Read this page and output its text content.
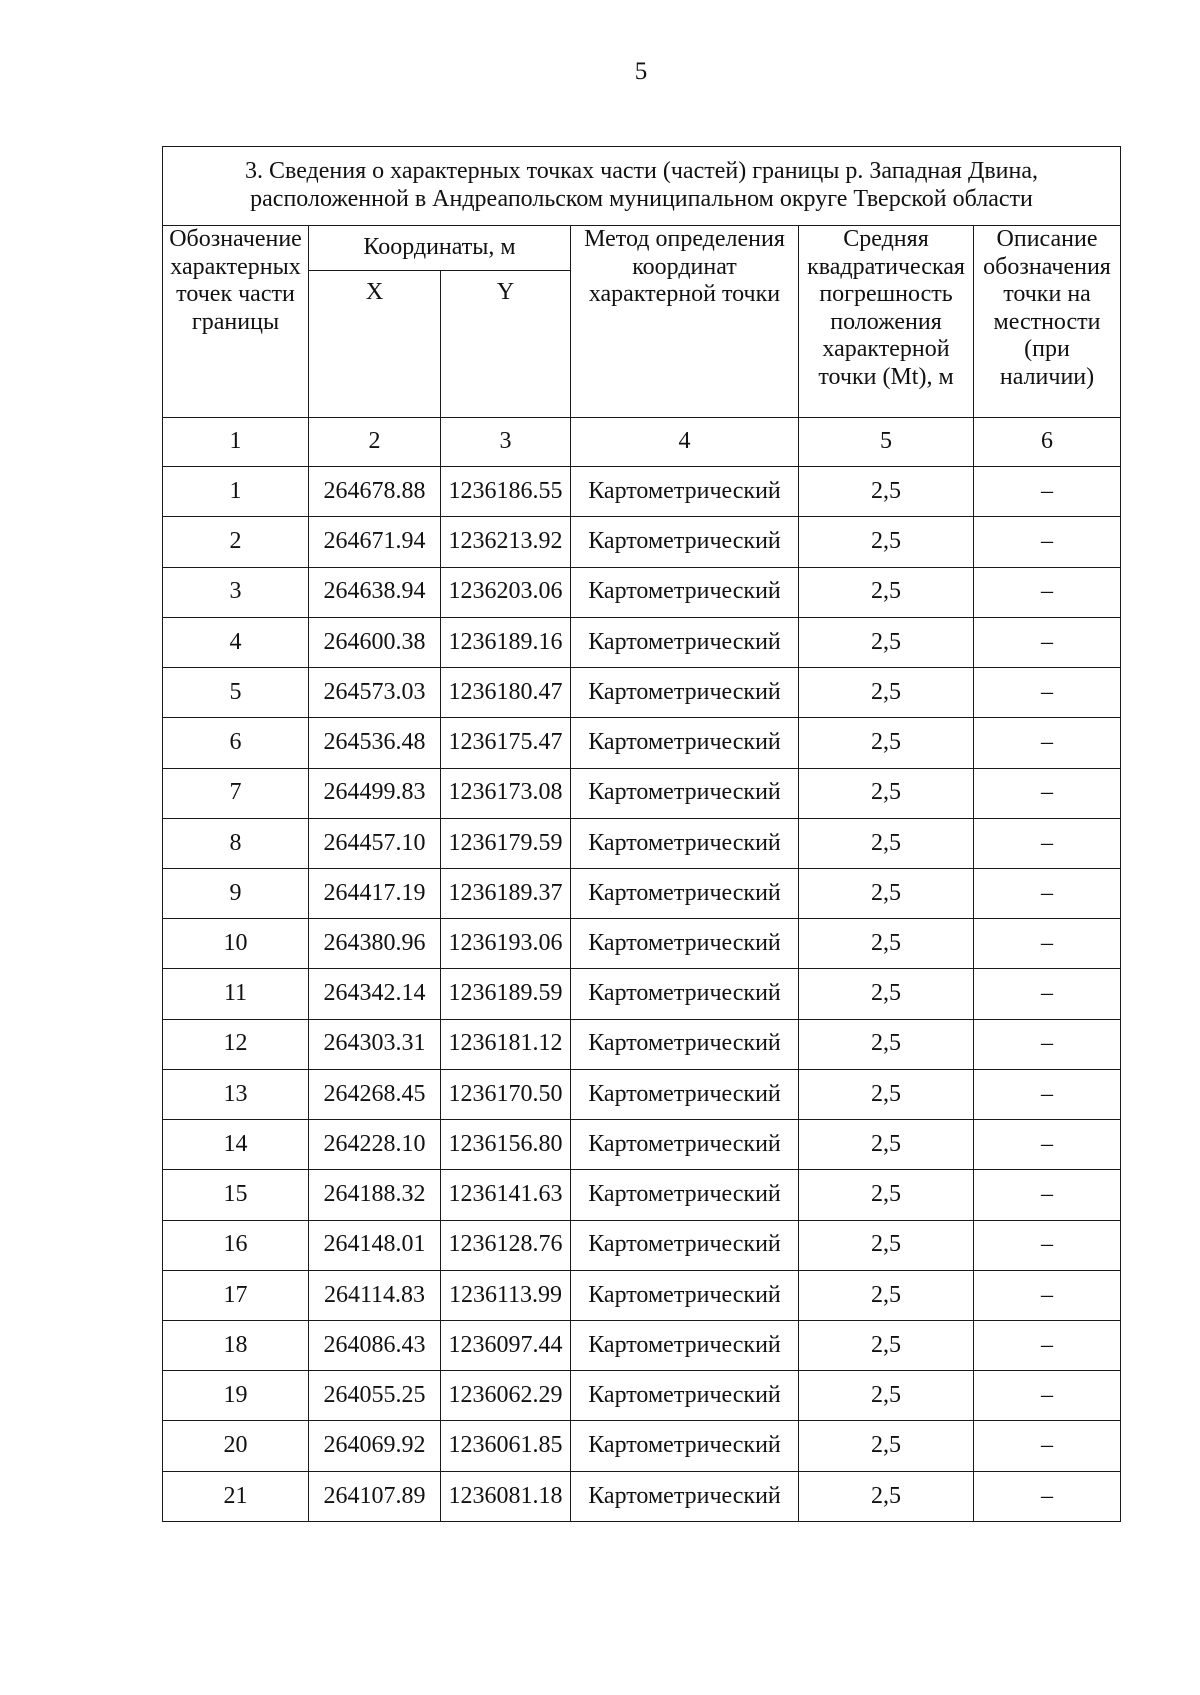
5
3. Сведения о характерных точках части (частей) границы р. Западная Двина,
расположенной в Андреапольском муниципальном округе Тверской области					
Обозначение характерных точек части границы	Координаты, м		Метод определения координат характерной точки	Средняя квадратическая погрешность положения характерной точки (Mt), м	Описание обозначения точки на местности (при наличии)
	X	Y			
1	2	3	4	5	6
1	264678.88	1236186.55	Картометрический	2,5	–
2	264671.94	1236213.92	Картометрический	2,5	–
3	264638.94	1236203.06	Картометрический	2,5	–
4	264600.38	1236189.16	Картометрический	2,5	–
5	264573.03	1236180.47	Картометрический	2,5	–
6	264536.48	1236175.47	Картометрический	2,5	–
7	264499.83	1236173.08	Картометрический	2,5	–
8	264457.10	1236179.59	Картометрический	2,5	–
9	264417.19	1236189.37	Картометрический	2,5	–
10	264380.96	1236193.06	Картометрический	2,5	–
11	264342.14	1236189.59	Картометрический	2,5	–
12	264303.31	1236181.12	Картометрический	2,5	–
13	264268.45	1236170.50	Картометрический	2,5	–
14	264228.10	1236156.80	Картометрический	2,5	–
15	264188.32	1236141.63	Картометрический	2,5	–
16	264148.01	1236128.76	Картометрический	2,5	–
17	264114.83	1236113.99	Картометрический	2,5	–
18	264086.43	1236097.44	Картометрический	2,5	–
19	264055.25	1236062.29	Картометрический	2,5	–
20	264069.92	1236061.85	Картометрический	2,5	–
21	264107.89	1236081.18	Картометрический	2,5	–
